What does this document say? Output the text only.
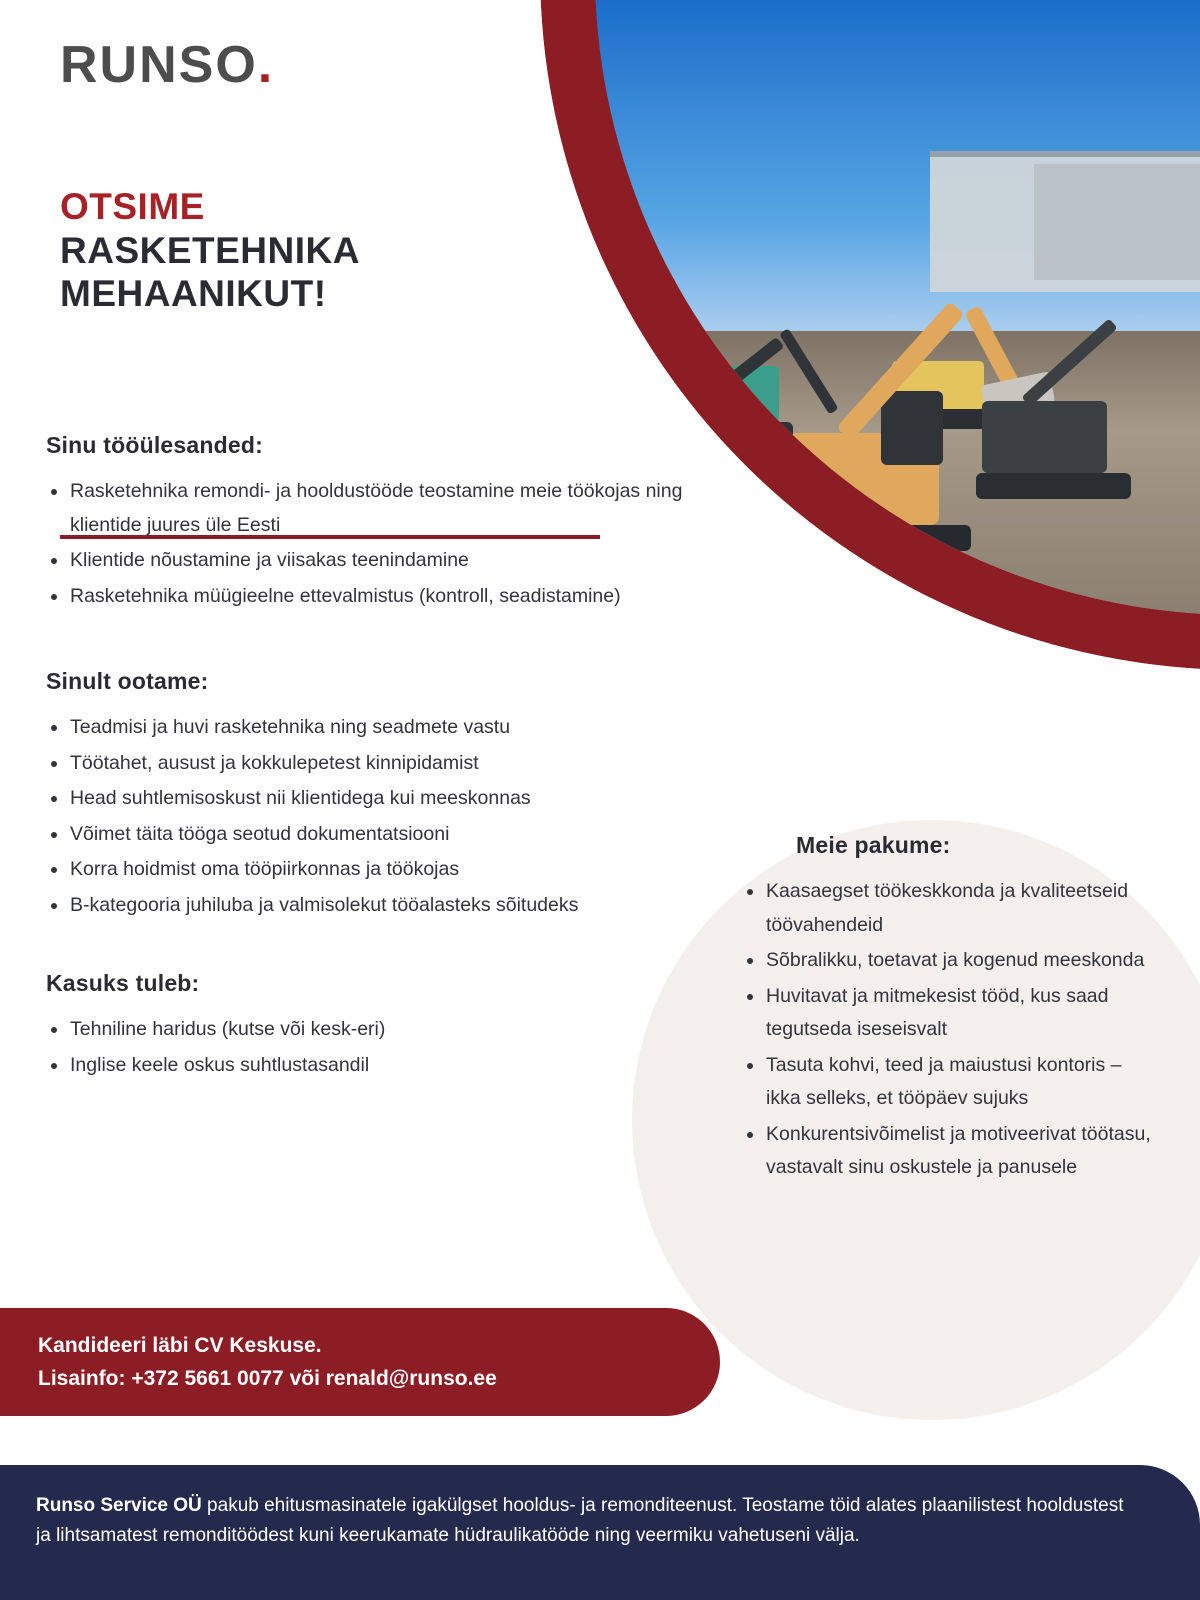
RUNSO.
OTSIME
RASKETEHNIKA
MEHAANIKUT!
Sinu tööülesanded:
Rasketehnika remondi- ja hooldustööde teostamine meie töökojas ning klientide juures üle Eesti
Klientide nõustamine ja viisakas teenindamine
Rasketehnika müügieelne ettevalmistus (kontroll, seadistamine)
Sinult ootame:
Teadmisi ja huvi rasketehnika ning seadmete vastu
Töötahet, ausust ja kokkulepetest kinnipidamist
Head suhtlemisoskust nii klientidega kui meeskonnas
Võimet täita tööga seotud dokumentatsiooni
Korra hoidmist oma tööpiirkonnas ja töökojas
B-kategooria juhiluba ja valmisolekut tööalasteks sõitudeks
Kasuks tuleb:
Tehniline haridus (kutse või kesk-eri)
Inglise keele oskus suhtlustasandil
Meie pakume:
Kaasaegset töökeskkonda ja kvaliteetseid töövahendeid
Sõbralikku, toetavat ja kogenud meeskonda
Huvitavat ja mitmekesist tööd, kus saad tegutseda iseseisvalt
Tasuta kohvi, teed ja maiustusi kontoris – ikka selleks, et tööpäev sujuks
Konkurentsivõimelist ja motiveerivat töötasu, vastavalt sinu oskustele ja panusele
Kandideeri läbi CV Keskuse.
Lisainfo: +372 5661 0077 või renald@runso.ee

Runso Service OÜ pakub ehitusmasinatele igakülgset hooldus- ja remonditeenust. Teostame töid alates plaanilistest hooldustest ja lihtsamatest remonditöödest kuni keerukamate hüdraulikatööde ning veermiku vahetuseni välja.
